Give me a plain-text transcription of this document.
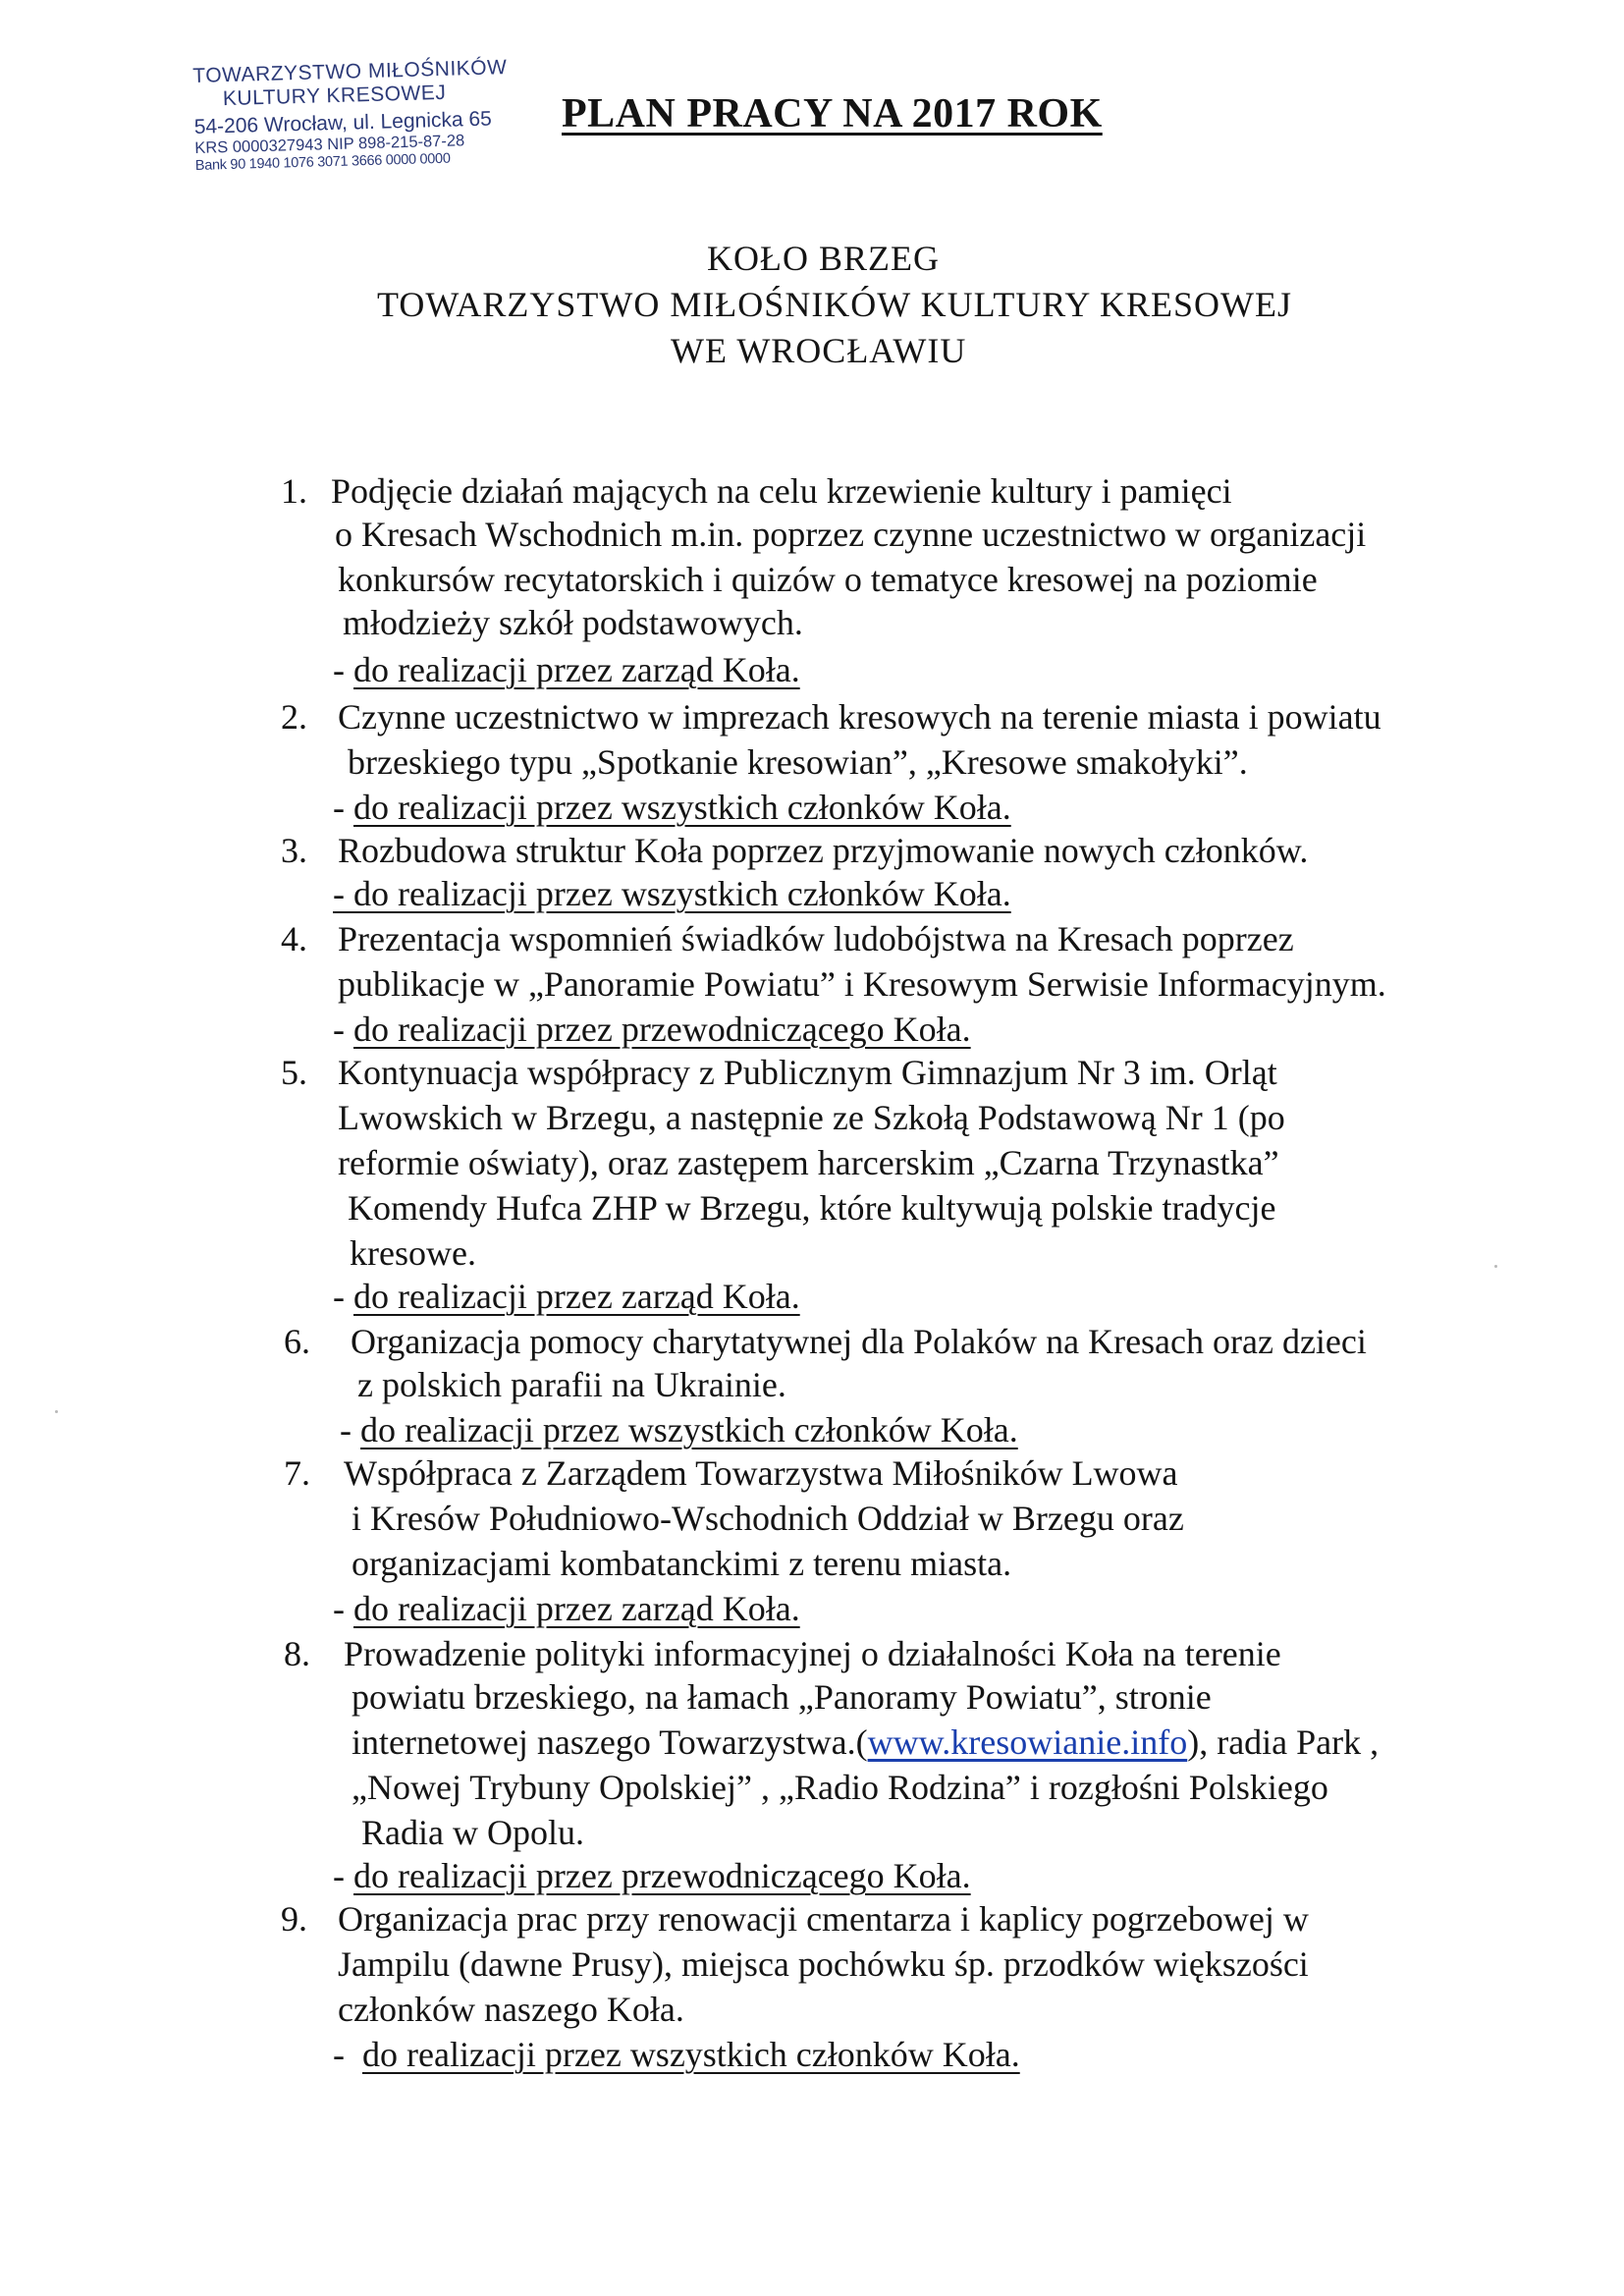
TOWARZYSTWO MIŁOŚNIKÓW
KULTURY KRESOWEJ
54-206 Wrocław, ul. Legnicka 65
KRS 0000327943 NIP 898-215-87-28
Bank 90 1940 1076 3071 3666 0000 0000
PLAN PRACY NA 2017 ROK
KOŁO BRZEG
TOWARZYSTWO MIŁOŚNIKÓW KULTURY KRESOWEJ
WE WROCŁAWIU
1. Podjęcie działań mających na celu krzewienie kultury i pamięci
o Kresach Wschodnich m.in. poprzez czynne uczestnictwo w organizacji
konkursów recytatorskich i quizów o tematyce kresowej na poziomie
młodzieży szkół podstawowych.
- do realizacji przez zarząd Koła.
2. Czynne uczestnictwo w imprezach kresowych na terenie miasta i powiatu
brzeskiego typu „Spotkanie kresowian”, „Kresowe smakołyki”.
- do realizacji przez wszystkich członków Koła.
3. Rozbudowa struktur Koła poprzez przyjmowanie nowych członków.
- do realizacji przez wszystkich członków Koła.
4. Prezentacja wspomnień świadków ludobójstwa na Kresach poprzez
publikacje w „Panoramie Powiatu” i Kresowym Serwisie Informacyjnym.
- do realizacji przez przewodniczącego Koła.
5. Kontynuacja współpracy z Publicznym Gimnazjum Nr 3 im. Orląt
Lwowskich w Brzegu, a następnie ze Szkołą Podstawową Nr 1 (po
reformie oświaty), oraz zastępem harcerskim „Czarna Trzynastka”
Komendy Hufca ZHP w Brzegu, które kultywują polskie tradycje
kresowe.
- do realizacji przez zarząd Koła.
6. Organizacja pomocy charytatywnej dla Polaków na Kresach oraz dzieci
z polskich parafii na Ukrainie.
- do realizacji przez wszystkich członków Koła.
7. Współpraca z Zarządem Towarzystwa Miłośników Lwowa
i Kresów Południowo-Wschodnich Oddział w Brzegu oraz
organizacjami kombatanckimi z terenu miasta.
- do realizacji przez zarząd Koła.
8. Prowadzenie polityki informacyjnej o działalności Koła na terenie
powiatu brzeskiego, na łamach „Panoramy Powiatu”, stronie
internetowej naszego Towarzystwa.(www.kresowianie.info), radia Park ,
„Nowej Trybuny Opolskiej” , „Radio Rodzina” i rozgłośni Polskiego
Radia w Opolu.
- do realizacji przez przewodniczącego Koła.
9. Organizacja prac przy renowacji cmentarza i kaplicy pogrzebowej w
Jampilu (dawne Prusy), miejsca pochówku śp. przodków większości
członków naszego Koła.
-  do realizacji przez wszystkich członków Koła.
